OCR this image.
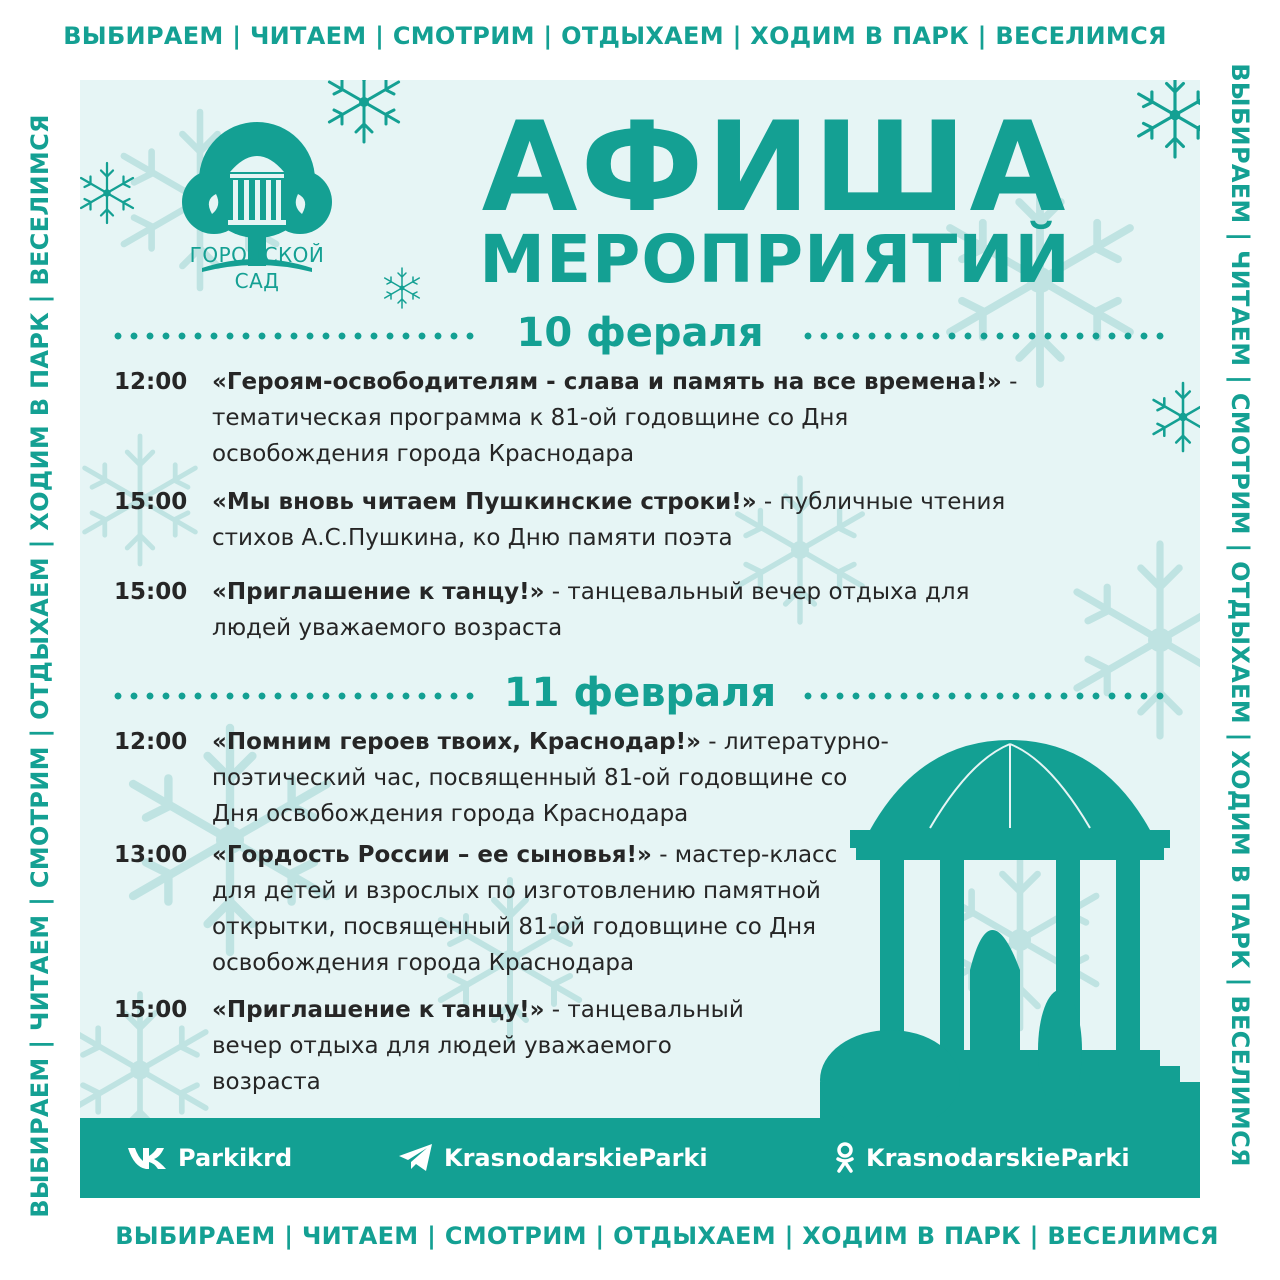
ВЫБИРАЕМ | ЧИТАЕМ | СМОТРИМ | ОТДЫХАЕМ | ХОДИМ В ПАРК | ВЕСЕЛИМСЯ
ВЫБИРАЕМ | ЧИТАЕМ | СМОТРИМ | ОТДЫХАЕМ | ХОДИМ В ПАРК | ВЕСЕЛИМСЯ
ВЫБИРАЕМ | ЧИТАЕМ | СМОТРИМ | ОТДЫХАЕМ | ХОДИМ В ПАРК | ВЕСЕЛИМСЯ	ВЫБИРАЕМ | ЧИТАЕМ | СМОТРИМ | ОТДЫХАЕМ | ХОДИМ В ПАРК | ВЕСЕЛИМСЯ
ГОРОДСКОЙ
САД
АФИША
МЕРОПРИЯТИЙ
10 фераля
12:00	«Героям-освободителям - слава и память на все времена!» -
тематическая программа к 81-ой годовщине со Дня
освобождения города Краснодара
15:00	«Мы вновь читаем Пушкинские строки!» - публичные чтения
стихов А.С.Пушкина, ко Дню памяти поэта
15:00	«Приглашение к танцу!» - танцевальный вечер отдыха для
людей уважаемого возраста
11 февраля
12:00	«Помним героев твоих, Краснодар!» - литературно-
поэтический час, посвященный 81-ой годовщине со
Дня освобождения города Краснодара
13:00	«Гордость России – ее сыновья!» - мастер-класс
для детей и взрослых по изготовлению памятной
открытки, посвященный 81-ой годовщине со Дня
освобождения города Краснодара
15:00	«Приглашение к танцу!» - танцевальный
вечер отдыха для людей уважаемого
возраста
Parkikrd	KrasnodarskieParki	KrasnodarskieParki
